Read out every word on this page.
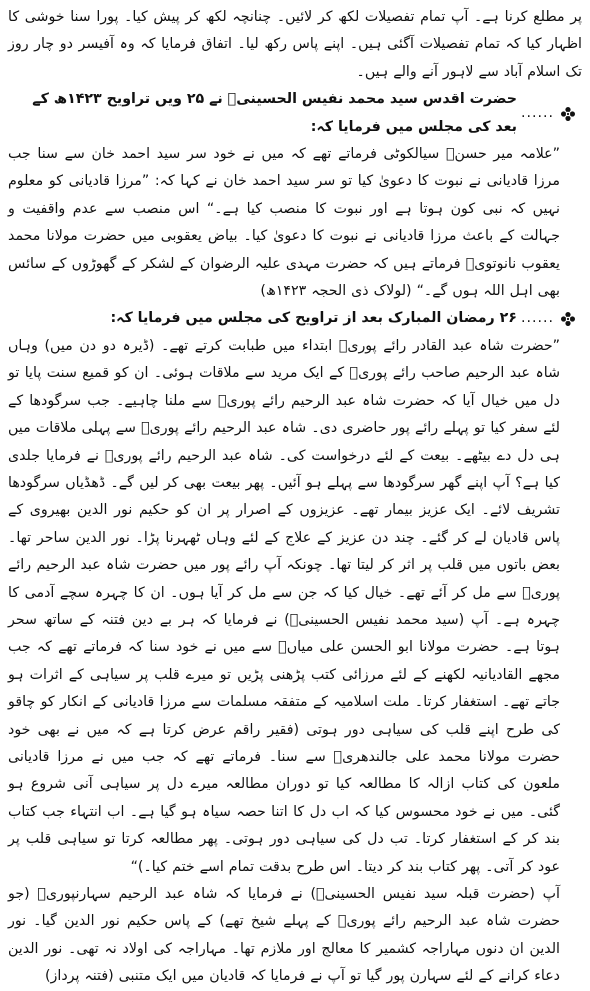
پر مطلع کرنا ہے۔ آپ تمام تفصیلات لکھ کر لائیں۔ چنانچہ لکھ کر پیش کیا۔ پورا سنا خوشی کا اظہار کیا کہ تمام تفصیلات آگئی ہیں۔ اپنے پاس رکھ لیا۔ اتفاق فرمایا کہ وہ آفیسر دو چار روز تک اسلام آباد سے لاہور آنے والے ہیں۔

......
حضرت اقدس سید محمد نفیس الحسینیؒ نے ۲۵ ویں تراویح ۱۴۲۳ھ کے بعد کی مجلس میں فرمایا کہ:

”علامہ میر حسنؒ سیالکوٹی فرماتے تھے کہ میں نے خود سر سید احمد خان سے سنا جب مرزا قادیانی نے نبوت کا دعویٰ کیا تو سر سید احمد خان نے کہا کہ: ”مرزا قادیانی کو معلوم نہیں کہ نبی کون ہوتا ہے اور نبوت کا منصب کیا ہے۔“ اس منصب سے عدم واقفیت و جہالت کے باعث مرزا قادیانی نے نبوت کا دعویٰ کیا۔ بیاض یعقوبی میں حضرت مولانا محمد یعقوب نانوتویؒ فرماتے ہیں کہ حضرت مہدی علیہ الرضوان کے لشکر کے گھوڑوں کے سائس بھی اہل اللہ ہوں گے۔“ (لولاک ذی الحجہ ۱۴۲۳ھ)

......
۲۶ رمضان المبارک بعد از تراویح کی مجلس میں فرمایا کہ:

”حضرت شاہ عبد القادر رائے پوریؒ ابتداء میں طبابت کرتے تھے۔ (ڈیرہ دو دن میں) وہاں شاہ عبد الرحیم صاحب رائے پوریؒ کے ایک مرید سے ملاقات ہوئی۔ ان کو قمیع سنت پایا تو دل میں خیال آیا کہ حضرت شاہ عبد الرحیم رائے پوریؒ سے ملنا چاہیے۔ جب سرگودھا کے لئے سفر کیا تو پہلے رائے پور حاضری دی۔ شاہ عبد الرحیم رائے پوریؒ سے پہلی ملاقات میں ہی دل دے بیٹھے۔ بیعت کے لئے درخواست کی۔ شاہ عبد الرحیم رائے پوریؒ نے فرمایا جلدی کیا ہے؟ آپ اپنے گھر سرگودھا سے پہلے ہو آئیں۔ پھر بیعت بھی کر لیں گے۔ ڈھڈیاں سرگودھا تشریف لائے۔ ایک عزیز بیمار تھے۔ عزیزوں کے اصرار پر ان کو حکیم نور الدین بھیروی کے پاس قادیان لے کر گئے۔ چند دن عزیز کے علاج کے لئے وہاں ٹھہرنا پڑا۔ نور الدین ساحر تھا۔ بعض باتوں میں قلب پر اثر کر لیتا تھا۔ چونکہ آپ رائے پور میں حضرت شاہ عبد الرحیم رائے پوریؒ سے مل کر آئے تھے۔ خیال کیا کہ جن سے مل کر آیا ہوں۔ ان کا چہرہ سچے آدمی کا چہرہ ہے۔ آپ (سید محمد نفیس الحسینیؒ) نے فرمایا کہ ہر بے دین فتنہ کے ساتھ سحر ہوتا ہے۔ حضرت مولانا ابو الحسن علی میاںؒ سے میں نے خود سنا کہ فرماتے تھے کہ جب مجھے القادیانیہ لکھنے کے لئے مرزائی کتب پڑھنی پڑیں تو میرے قلب پر سیاہی کے اثرات ہو جاتے تھے۔ استغفار کرتا۔ ملت اسلامیہ کے متفقہ مسلمات سے مرزا قادیانی کے انکار کو چاقو کی طرح اپنے قلب کی سیاہی دور ہوتی (فقیر راقم عرض کرتا ہے کہ میں نے بھی خود حضرت مولانا محمد علی جالندھریؒ سے سنا۔ فرماتے تھے کہ جب میں نے مرزا قادیانی ملعون کی کتاب ازالہ کا مطالعہ کیا تو دوران مطالعہ میرے دل پر سیاہی آنی شروع ہو گئی۔ میں نے خود محسوس کیا کہ اب دل کا اتنا حصہ سیاہ ہو گیا ہے۔ اب انتہاء جب کتاب بند کر کے استغفار کرتا۔ تب دل کی سیاہی دور ہوتی۔ پھر مطالعہ کرتا تو سیاہی قلب پر عود کر آتی۔ پھر کتاب بند کر دیتا۔ اس طرح بدقت تمام اسے ختم کیا۔)“

آپ (حضرت قبلہ سید نفیس الحسینیؒ) نے فرمایا کہ شاہ عبد الرحیم سہارنپوریؒ (جو حضرت شاہ عبد الرحیم رائے پوریؒ کے پہلے شیخ تھے) کے پاس حکیم نور الدین گیا۔ نور الدین ان دنوں مہاراجہ کشمیر کا معالج اور ملازم تھا۔ مہاراجہ کی اولاد نہ تھی۔ نور الدین دعاء کرانے کے لئے سہارن پور گیا تو آپ نے فرمایا کہ قادیان میں ایک متنبی (فتنہ پرداز)
